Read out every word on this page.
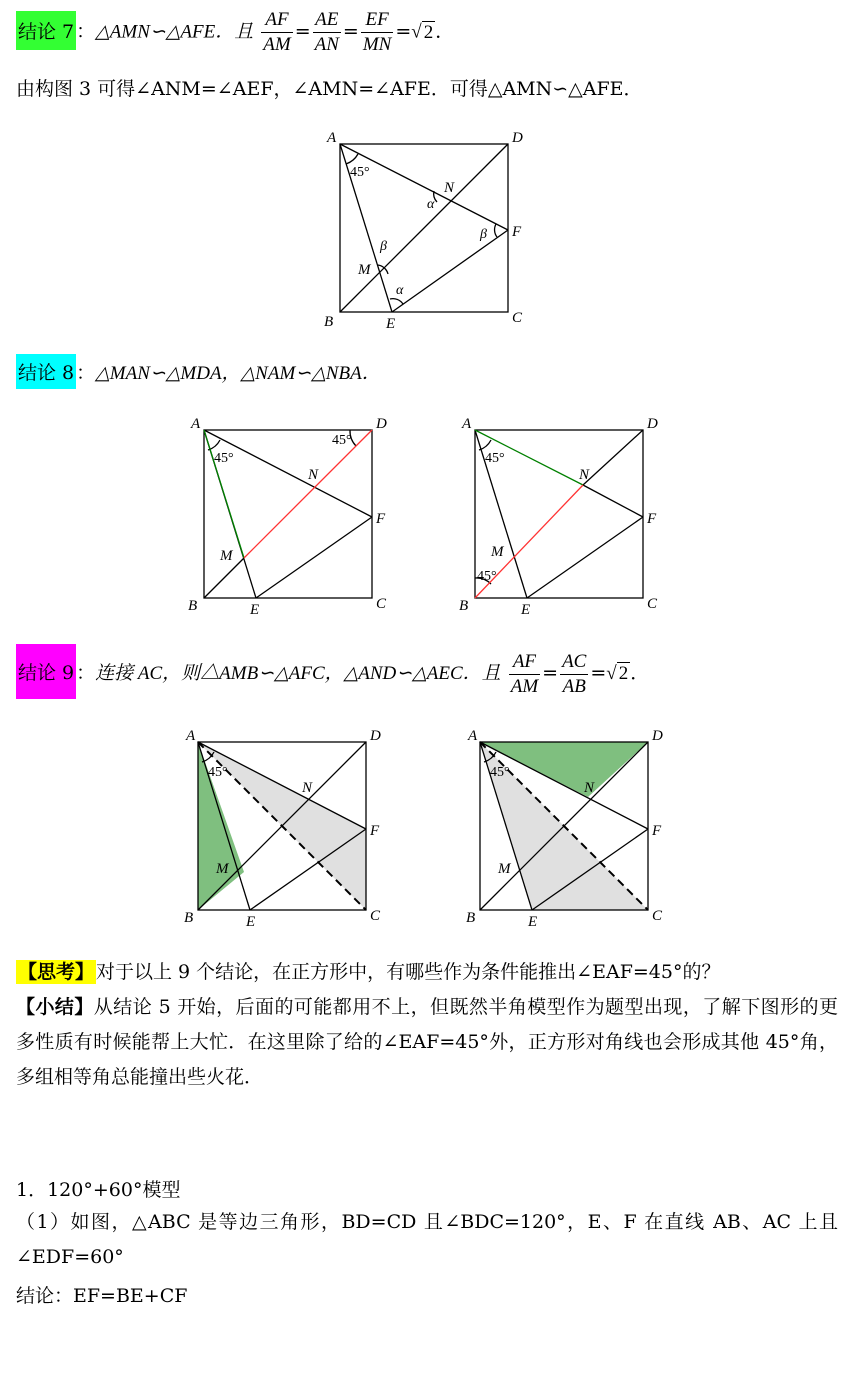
结论 7 ：△AMN∽△AFE．且 $\frac{AF}{AM} = \frac{AE}{AN} = \frac{EF}{MN}$ =√ 2 ．
由构图 3 可得∠ANM=∠AEF，∠AMN=∠AFE．可得△AMN∽△AFE．
A	D
B	C
E
F
M
N
45°
α
β
β
α
结论 8 ：△MAN∽△MDA，△NAM∽△NBA．
A	D
B	C
E
F
M
N
45°
45°
A	D
B	C
E
F
M
N
45°
45°
结论 9 ：连接 AC，则△AMB∽△AFC，△AND∽△AEC．且 $\frac{AF}{AM} = \frac{AC}{AB}$ =√ 2 ．
A	D
B	C
E
F
M
N
45°
A	D
B	C
E
F
M
N
45°
【思考】 对于以上 9 个结论，在正方形中，有哪些作为条件能推出∠EAF=45°的？
【小结】从结论 5 开始，后面的可能都用不上，但既然半角模型作为题型出现，了解下图形的更多性质有时候能帮上大忙．在这里除了给的∠EAF=45°外，正方形对角线也会形成其他 45°角，多组相等角总能撞出些火花．
1．120°+60°模型
（1）如图，△ABC 是等边三角形，BD=CD 且∠BDC=120°，E、F 在直线 AB、AC 上且∠EDF=60°
结论：EF=BE+CF
